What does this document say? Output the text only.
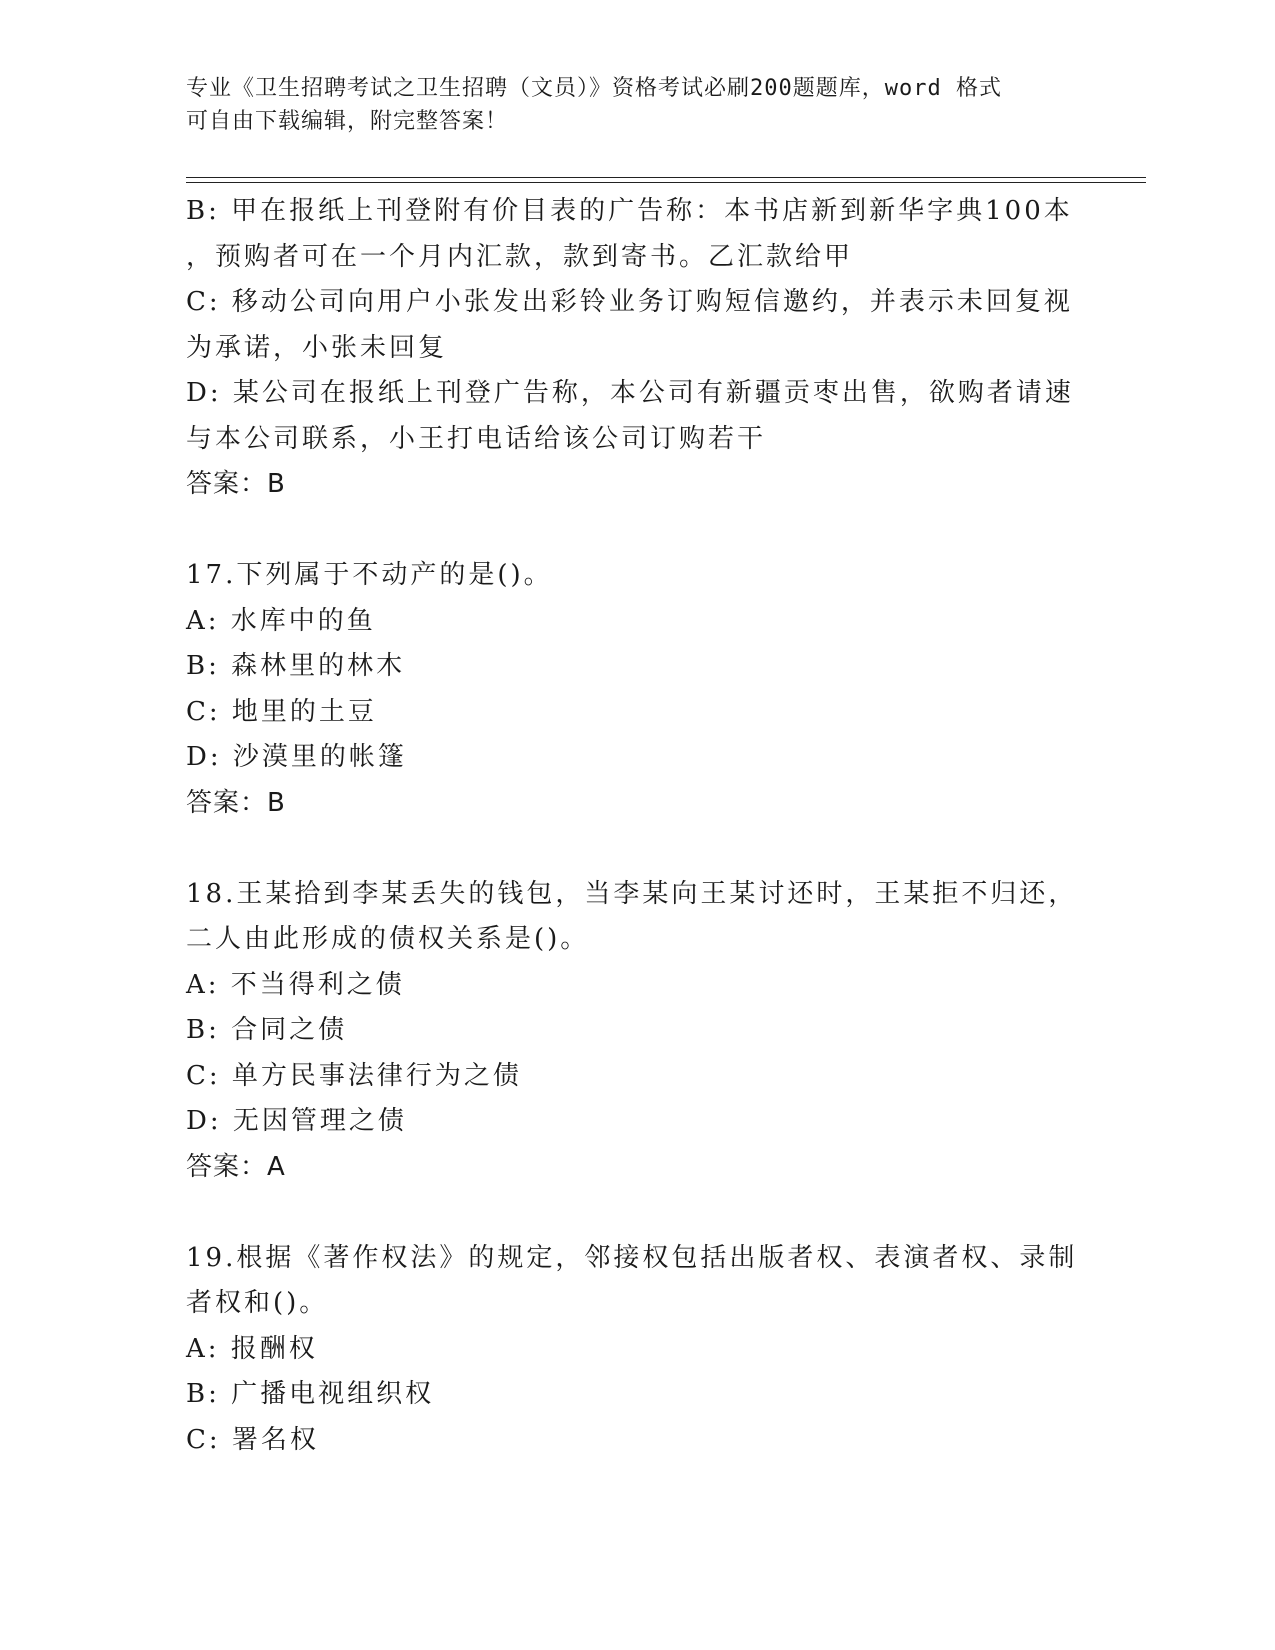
专业《卫生招聘考试之卫生招聘（文员）》资格考试必刷200题题库，word 格式
可自由下载编辑，附完整答案！
B: 甲在报纸上刊登附有价目表的广告称：本书店新到新华字典100本
，预购者可在一个月内汇款，款到寄书。乙汇款给甲
C: 移动公司向用户小张发出彩铃业务订购短信邀约，并表示未回复视
为承诺，小张未回复
D: 某公司在报纸上刊登广告称，本公司有新疆贡枣出售，欲购者请速
与本公司联系，小王打电话给该公司订购若干
答案：B
17.下列属于不动产的是()。
A: 水库中的鱼
B: 森林里的林木
C: 地里的土豆
D: 沙漠里的帐篷
答案：B
18.王某拾到李某丢失的钱包，当李某向王某讨还时，王某拒不归还，
二人由此形成的债权关系是()。
A: 不当得利之债
B: 合同之债
C: 单方民事法律行为之债
D: 无因管理之债
答案：A
19.根据《著作权法》的规定，邻接权包括出版者权、表演者权、录制
者权和()。
A: 报酬权
B: 广播电视组织权
C: 署名权
